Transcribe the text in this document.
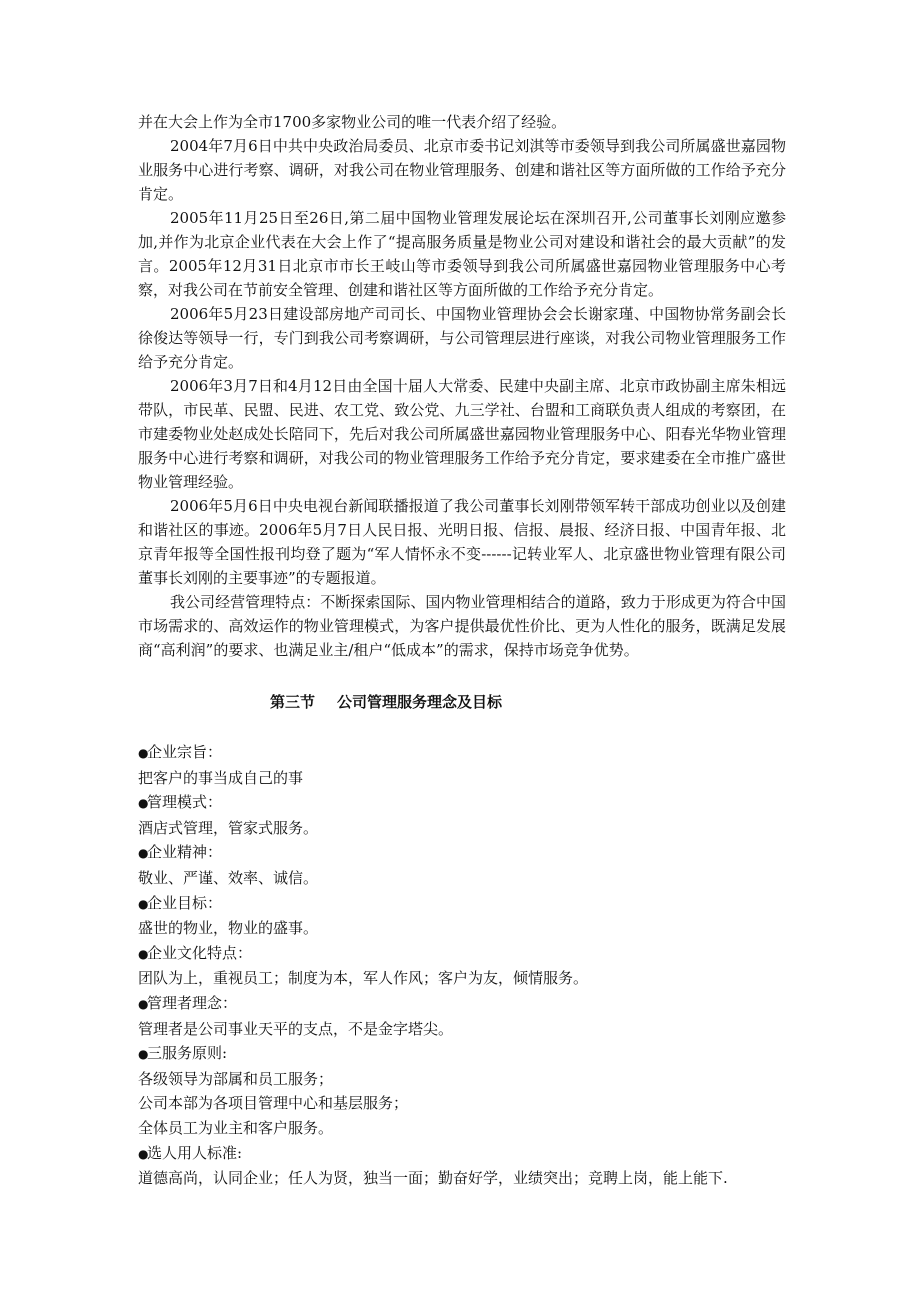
并在大会上作为全市1700多家物业公司的唯一代表介绍了经验。

2004年7月6日中共中央政治局委员、北京市委书记刘淇等市委领导到我公司所属盛世嘉园物业服务中心进行考察、调研，对我公司在物业管理服务、创建和谐社区等方面所做的工作给予充分肯定。

2005年11月25日至26日,第二届中国物业管理发展论坛在深圳召开,公司董事长刘刚应邀参加,并作为北京企业代表在大会上作了“提高服务质量是物业公司对建设和谐社会的最大贡献”的发言。2005年12月31日北京市市长王岐山等市委领导到我公司所属盛世嘉园物业管理服务中心考察，对我公司在节前安全管理、创建和谐社区等方面所做的工作给予充分肯定。

2006年5月23日建设部房地产司司长、中国物业管理协会会长谢家瑾、中国物协常务副会长徐俊达等领导一行，专门到我公司考察调研，与公司管理层进行座谈，对我公司物业管理服务工作给予充分肯定。

2006年3月7日和4月12日由全国十届人大常委、民建中央副主席、北京市政协副主席朱相远带队，市民革、民盟、民进、农工党、致公党、九三学社、台盟和工商联负责人组成的考察团，在市建委物业处赵成处长陪同下，先后对我公司所属盛世嘉园物业管理服务中心、阳春光华物业管理服务中心进行考察和调研，对我公司的物业管理服务工作给予充分肯定，要求建委在全市推广盛世物业管理经验。

2006年5月6日中央电视台新闻联播报道了我公司董事长刘刚带领军转干部成功创业以及创建和谐社区的事迹。2006年5月7日人民日报、光明日报、信报、晨报、经济日报、中国青年报、北京青年报等全国性报刊均登了题为“军人情怀永不变------记转业军人、北京盛世物业管理有限公司董事长刘刚的主要事迹”的专题报道。

我公司经营管理特点：不断探索国际、国内物业管理相结合的道路，致力于形成更为符合中国市场需求的、高效运作的物业管理模式，为客户提供最优性价比、更为人性化的服务，既满足发展商“高利润”的要求、也满足业主/租户“低成本”的需求，保持市场竞争优势。

第三节 公司管理服务理念及目标
●企业宗旨：
把客户的事当成自己的事
●管理模式：
酒店式管理，管家式服务。
●企业精神：
敬业、严谨、效率、诚信。
●企业目标：
盛世的物业，物业的盛事。
●企业文化特点：
团队为上，重视员工；制度为本，军人作风；客户为友，倾情服务。
●管理者理念：
管理者是公司事业天平的支点，不是金字塔尖。
●三服务原则:
各级领导为部属和员工服务；
公司本部为各项目管理中心和基层服务；
全体员工为业主和客户服务。
●选人用人标准:
道德高尚，认同企业；任人为贤，独当一面；勤奋好学，业绩突出；竞聘上岗，能上能下.
